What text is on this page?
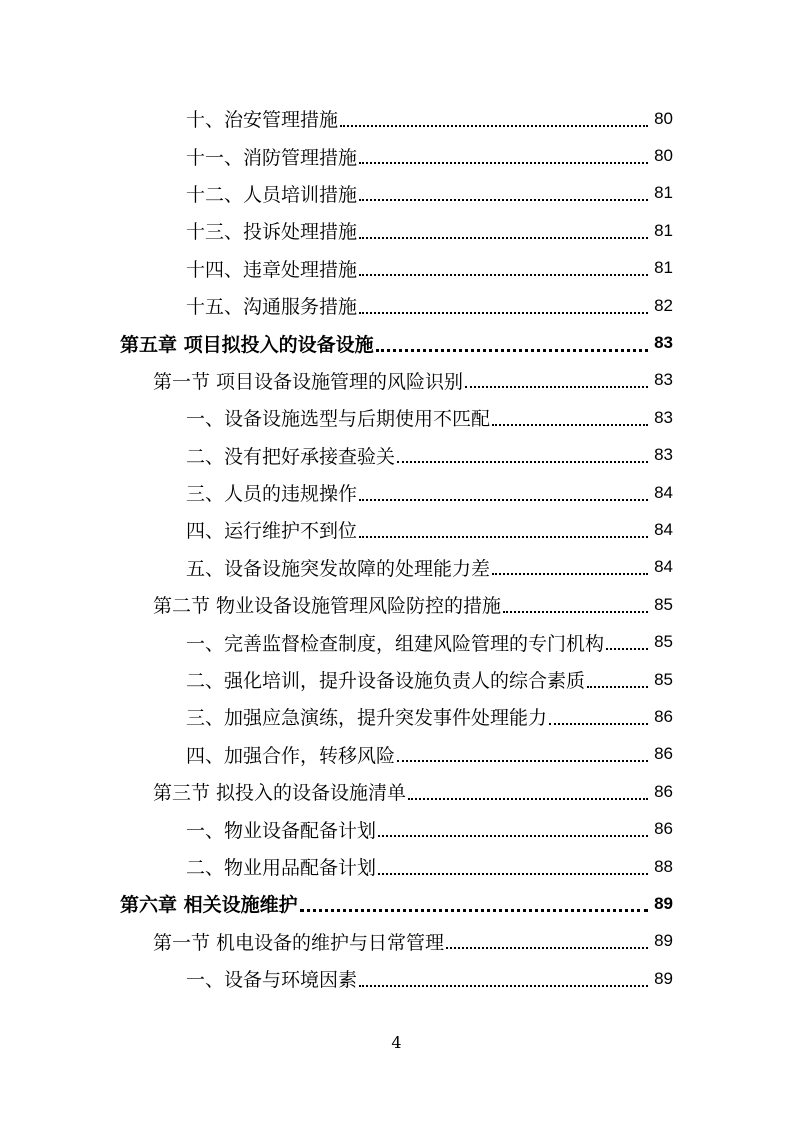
十、治安管理措施	80
十一、消防管理措施	80
十二、人员培训措施	81
十三、投诉处理措施	81
十四、违章处理措施	81
十五、沟通服务措施	82
第五章 项目拟投入的设备设施	83
第一节 项目设备设施管理的风险识别	83
一、设备设施选型与后期使用不匹配	83
二、没有把好承接查验关	83
三、人员的违规操作	84
四、运行维护不到位	84
五、设备设施突发故障的处理能力差	84
第二节 物业设备设施管理风险防控的措施	85
一、完善监督检查制度，组建风险管理的专门机构	85
二、强化培训，提升设备设施负责人的综合素质	85
三、加强应急演练，提升突发事件处理能力	86
四、加强合作，转移风险	86
第三节 拟投入的设备设施清单	86
一、物业设备配备计划	86
二、物业用品配备计划	88
第六章 相关设施维护	89
第一节 机电设备的维护与日常管理	89
一、设备与环境因素	89
4
